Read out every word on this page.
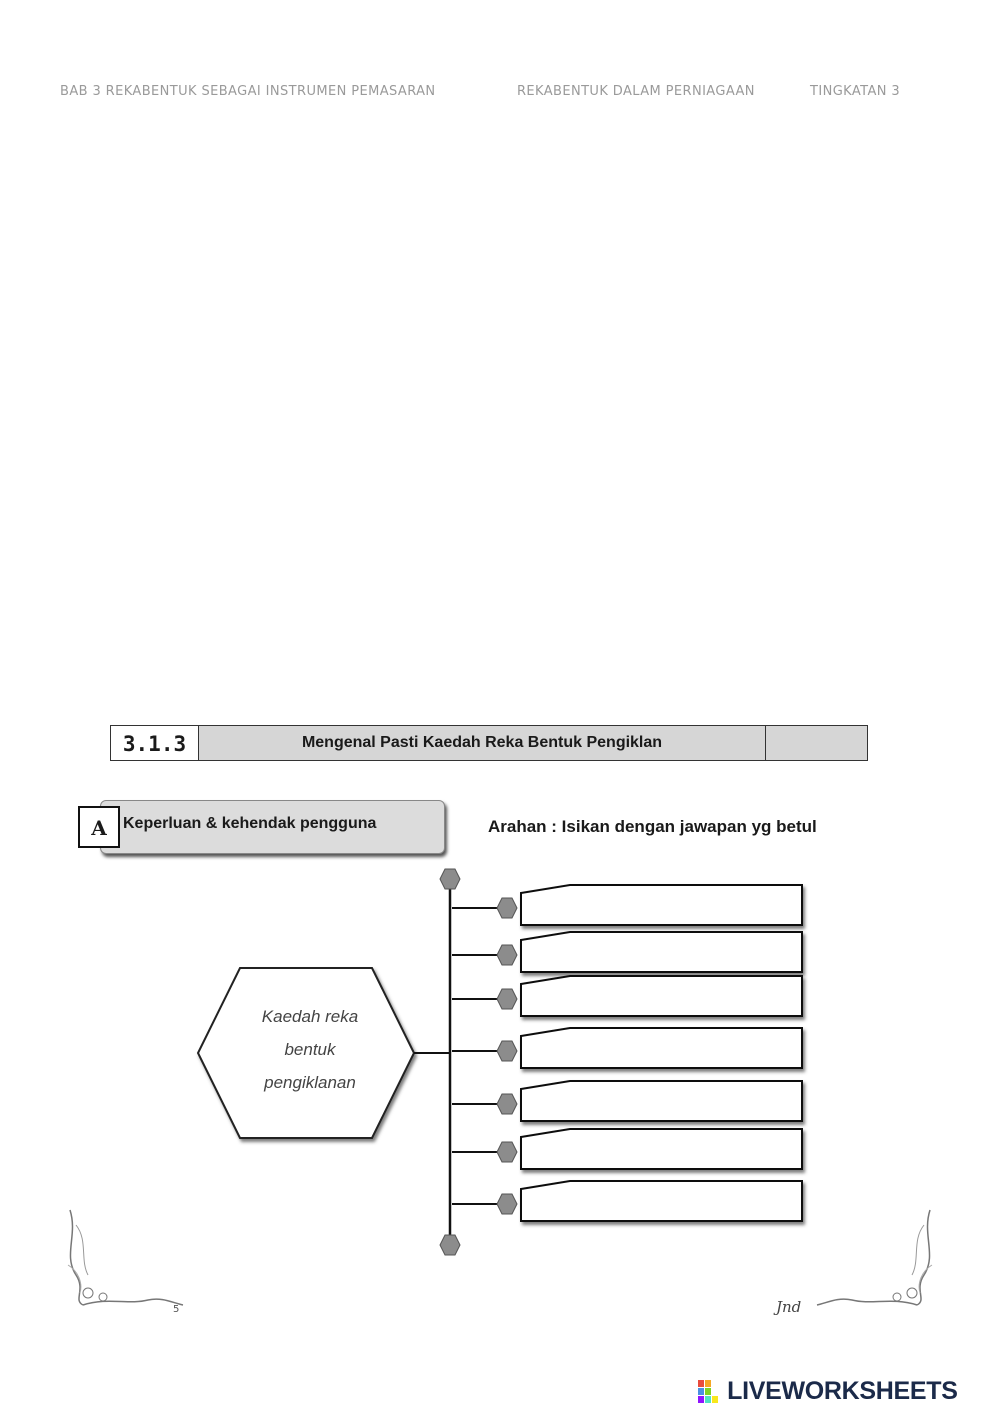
BAB 3 REKABENTUK SEBAGAI INSTRUMEN PEMASARAN	REKABENTUK DALAM PERNIAGAAN	TINGKATAN 3
3.1.3	Mengenal Pasti Kaedah Reka Bentuk Pengiklan
Keperluan & kehendak pengguna
A	Arahan : Isikan dengan jawapan yg betul
Kaedah reka
bentuk
pengiklanan
5	Jnd
LIVEWORKSHEETS
